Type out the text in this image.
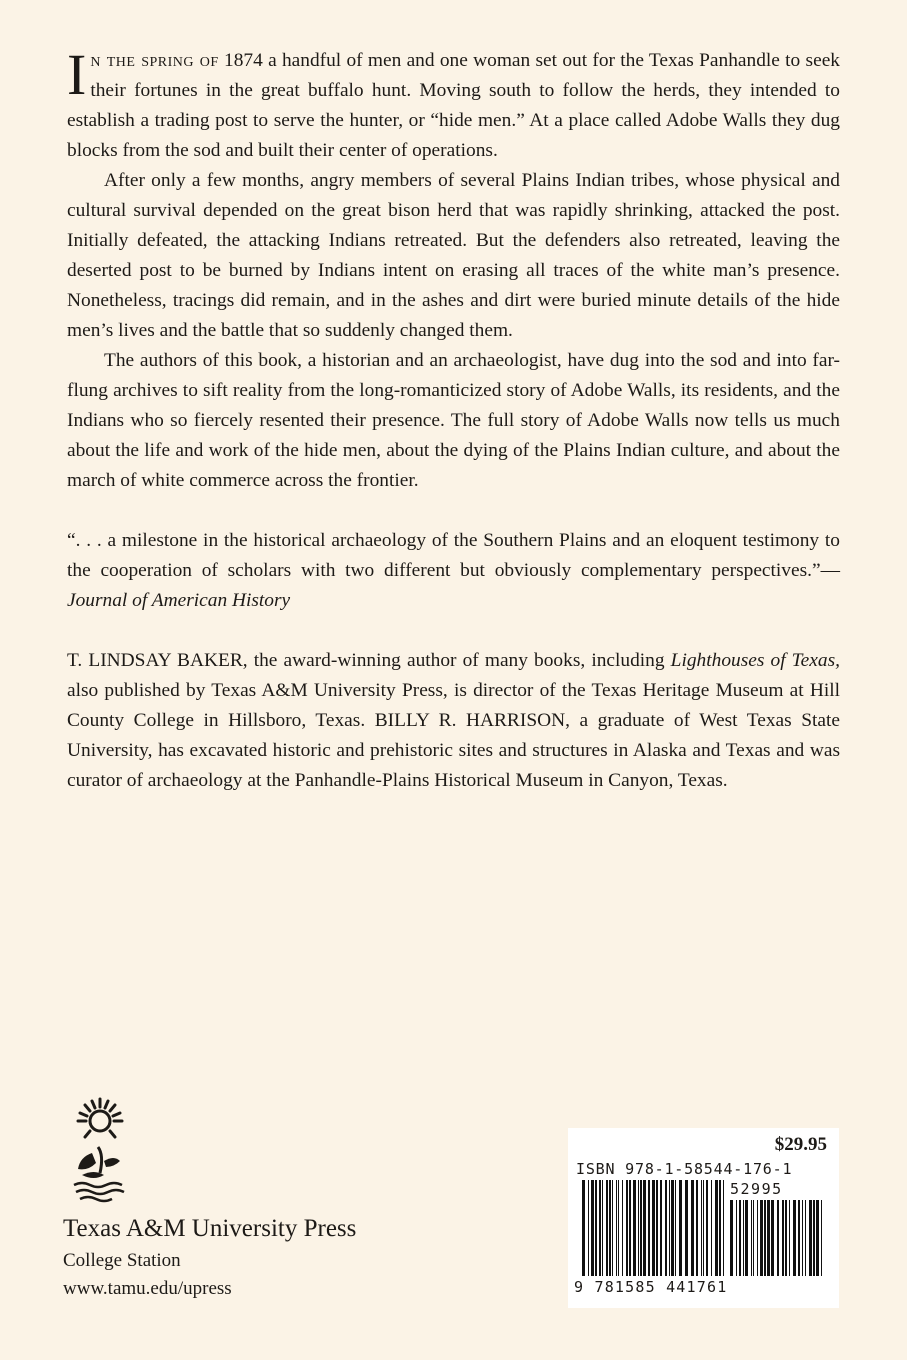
In the spring of 1874 a handful of men and one woman set out for the Texas Panhandle to seek their fortunes in the great buffalo hunt. Moving south to follow the herds, they intended to establish a trading post to serve the hunter, or “hide men.” At a place called Adobe Walls they dug blocks from the sod and built their center of operations.

After only a few months, angry members of several Plains Indian tribes, whose physical and cultural survival depended on the great bison herd that was rapidly shrinking, attacked the post. Initially defeated, the attacking Indians retreated. But the defenders also retreated, leaving the deserted post to be burned by Indians intent on erasing all traces of the white man’s presence. Nonetheless, tracings did remain, and in the ashes and dirt were buried minute details of the hide men’s lives and the battle that so suddenly changed them.

The authors of this book, a historian and an archaeologist, have dug into the sod and into far-flung archives to sift reality from the long-romanticized story of Adobe Walls, its residents, and the Indians who so fiercely resented their presence. The full story of Adobe Walls now tells us much about the life and work of the hide men, about the dying of the Plains Indian culture, and about the march of white commerce across the frontier.

“. . . a milestone in the historical archaeology of the Southern Plains and an eloquent testimony to the cooperation of scholars with two different but obviously complementary perspectives.”—Journal of American History

T. LINDSAY BAKER, the award-winning author of many books, including Lighthouses of Texas, also published by Texas A&M University Press, is director of the Texas Heritage Museum at Hill County College in Hillsboro, Texas. BILLY R. HARRISON, a graduate of West Texas State University, has excavated historic and prehistoric sites and structures in Alaska and Texas and was curator of archaeology at the Panhandle-Plains Historical Museum in Canyon, Texas.

Texas A&M University Press
College Station
www.tamu.edu/upress
$29.95
ISBN 978-1-58544-176-1
52995
9 781585 441761
